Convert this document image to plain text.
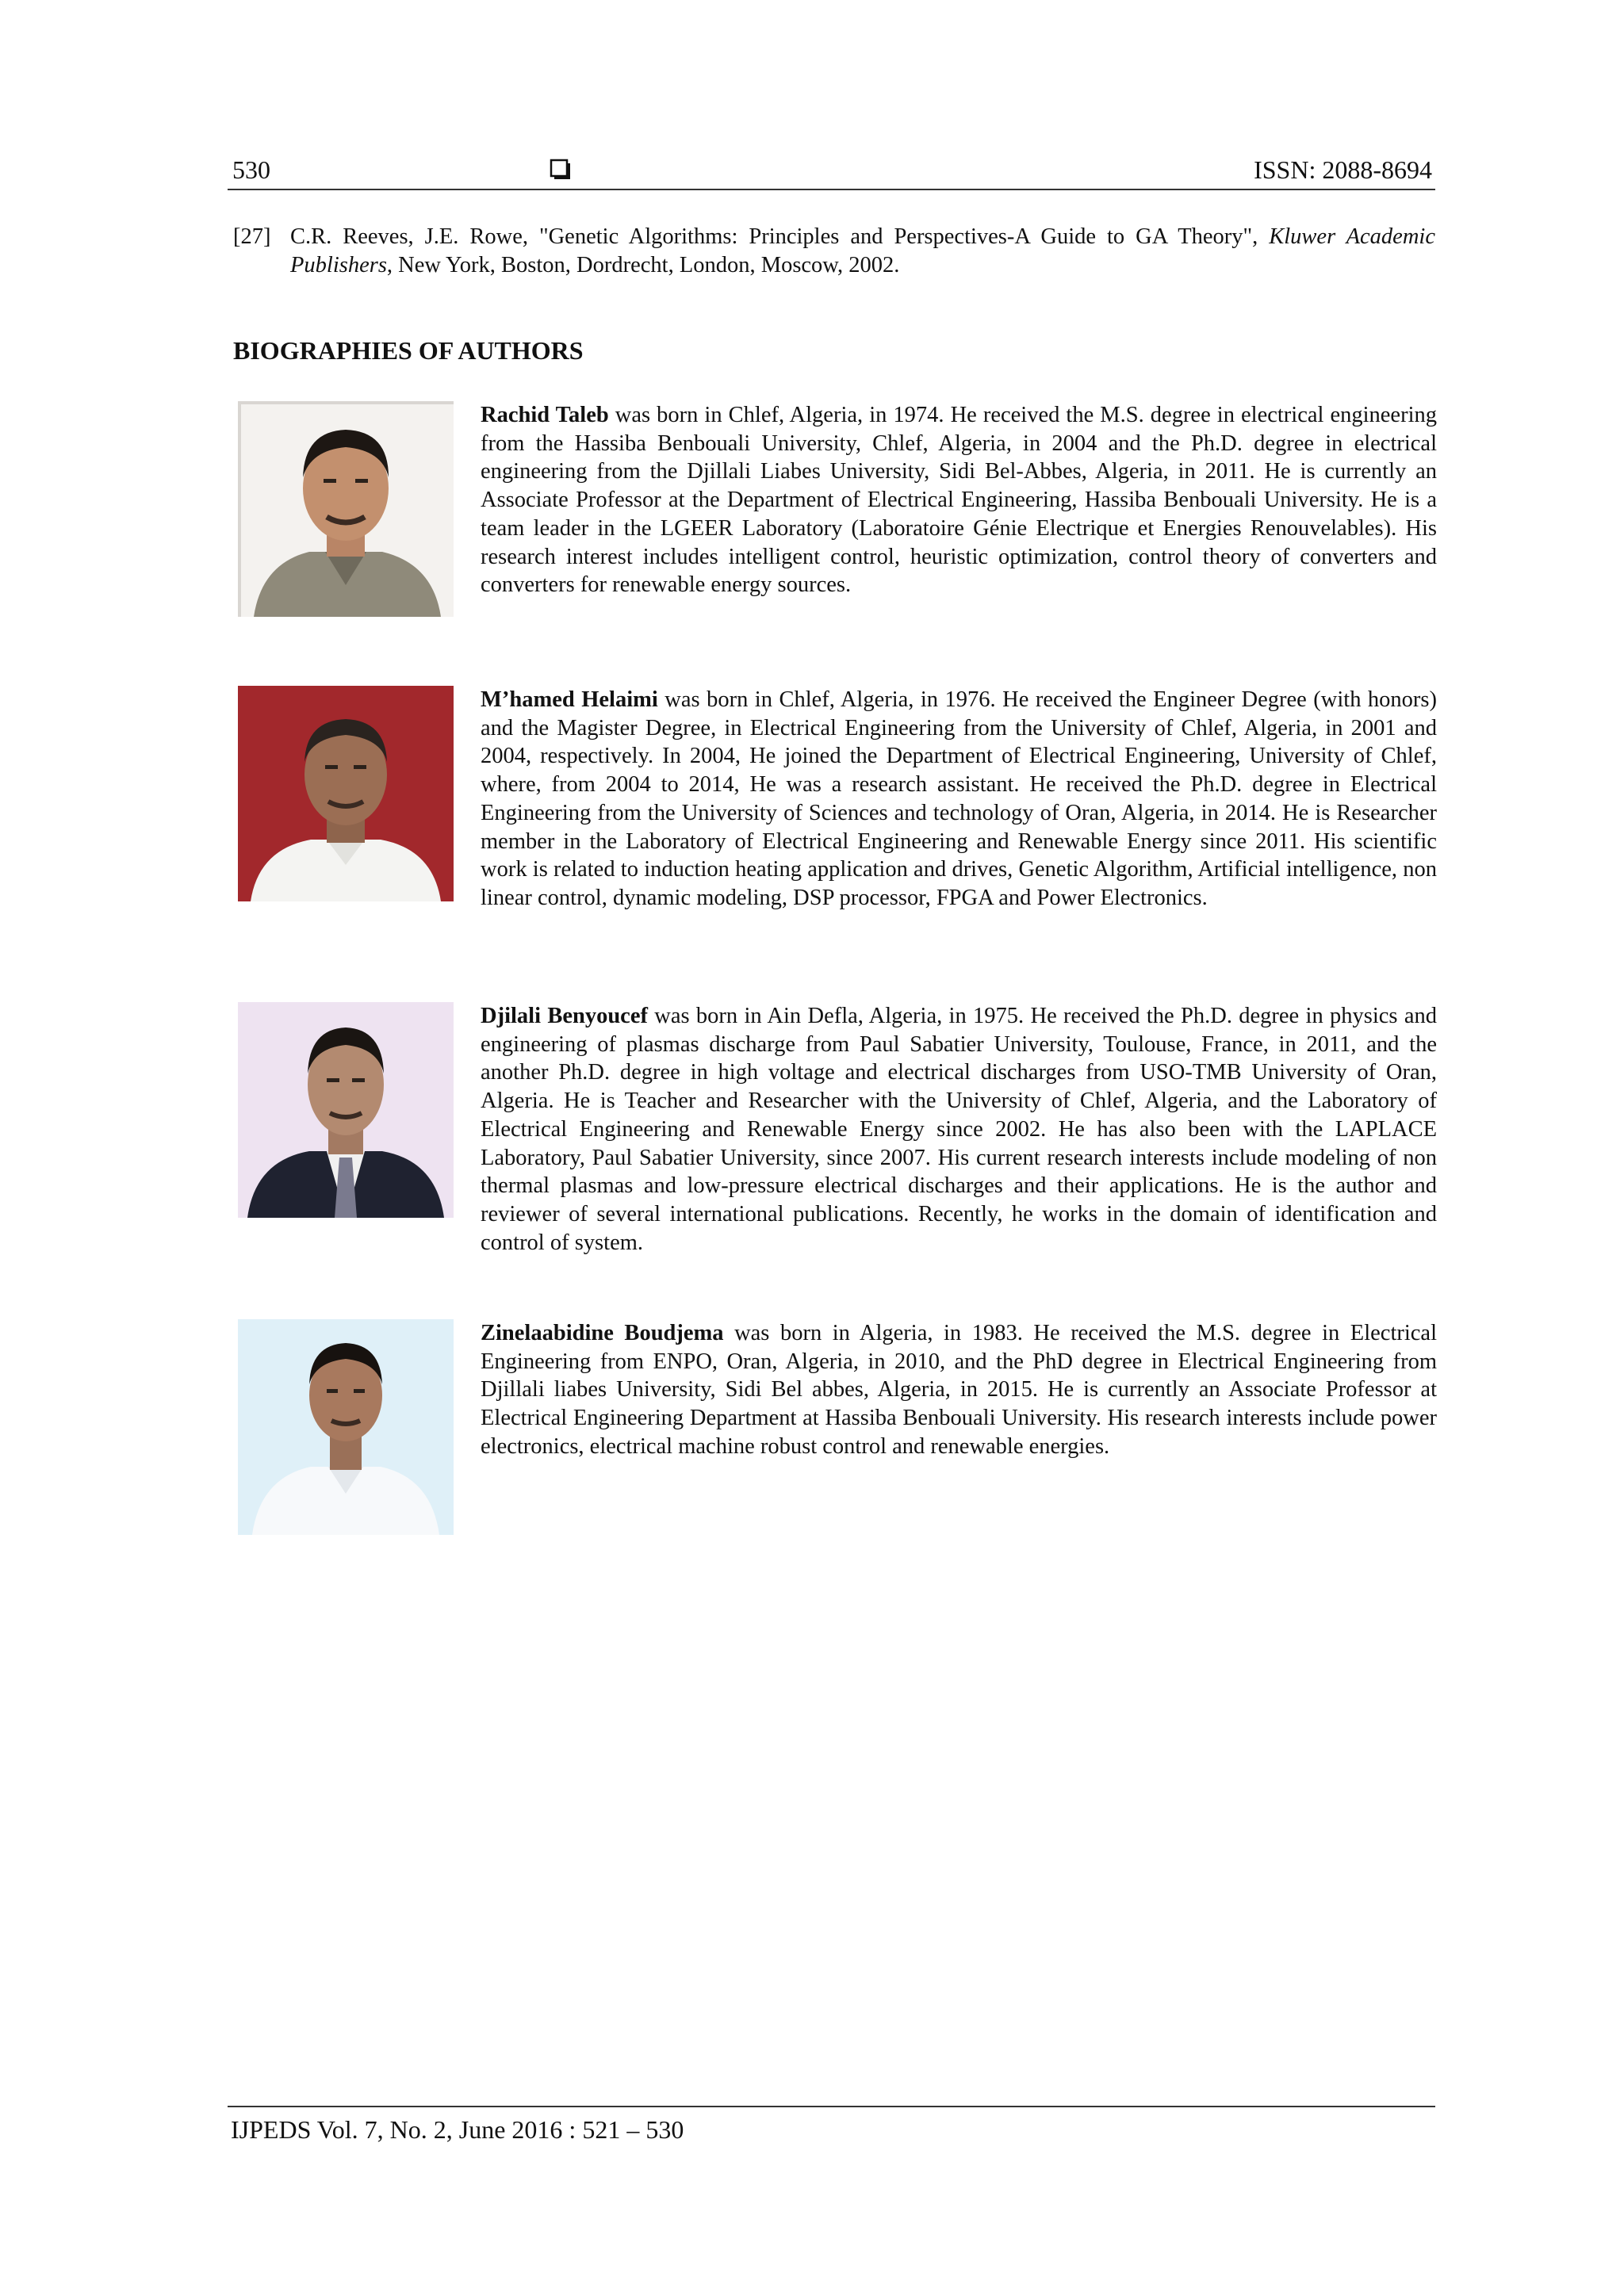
530	ISSN: 2088-8694
[27] C.R. Reeves, J.E. Rowe, "Genetic Algorithms: Principles and Perspectives-A Guide to GA Theory", Kluwer Academic Publishers, New York, Boston, Dordrecht, London, Moscow, 2002.
BIOGRAPHIES OF AUTHORS
Rachid Taleb was born in Chlef, Algeria, in 1974. He received the M.S. degree in electrical engineering from the Hassiba Benbouali University, Chlef, Algeria, in 2004 and the Ph.D. degree in electrical engineering from the Djillali Liabes University, Sidi Bel-Abbes, Algeria, in 2011. He is currently an Associate Professor at the Department of Electrical Engineering, Hassiba Benbouali University. He is a team leader in the LGEER Laboratory (Laboratoire Génie Electrique et Energies Renouvelables). His research interest includes intelligent control, heuristic optimization, control theory of converters and converters for renewable energy sources.
M’hamed Helaimi was born in Chlef, Algeria, in 1976. He received the Engineer Degree (with honors) and the Magister Degree, in Electrical Engineering from the University of Chlef, Algeria, in 2001 and 2004, respectively. In 2004, He joined the Department of Electrical Engineering, University of Chlef, where, from 2004 to 2014, He was a research assistant. He received the Ph.D. degree in Electrical Engineering from the University of Sciences and technology of Oran, Algeria, in 2014. He is Researcher member in the Laboratory of Electrical Engineering and Renewable Energy since 2011. His scientific work is related to induction heating application and drives, Genetic Algorithm, Artificial intelligence, non linear control, dynamic modeling, DSP processor, FPGA and Power Electronics.
Djilali Benyoucef was born in Ain Defla, Algeria, in 1975. He received the Ph.D. degree in physics and engineering of plasmas discharge from Paul Sabatier University, Toulouse, France, in 2011, and the another Ph.D. degree in high voltage and electrical discharges from USO-TMB University of Oran, Algeria. He is Teacher and Researcher with the University of Chlef, Algeria, and the Laboratory of Electrical Engineering and Renewable Energy since 2002. He has also been with the LAPLACE Laboratory, Paul Sabatier University, since 2007. His current research interests include modeling of non thermal plasmas and low-pressure electrical discharges and their applications. He is the author and reviewer of several international publications. Recently, he works in the domain of identification and control of system.
Zinelaabidine Boudjema was born in Algeria, in 1983. He received the M.S. degree in Electrical Engineering from ENPO, Oran, Algeria, in 2010, and the PhD degree in Electrical Engineering from Djillali liabes University, Sidi Bel abbes, Algeria, in 2015. He is currently an Associate Professor at Electrical Engineering Department at Hassiba Benbouali University. His research interests include power electronics, electrical machine robust control and renewable energies.
IJPEDS Vol. 7, No. 2, June 2016 : 521 – 530
